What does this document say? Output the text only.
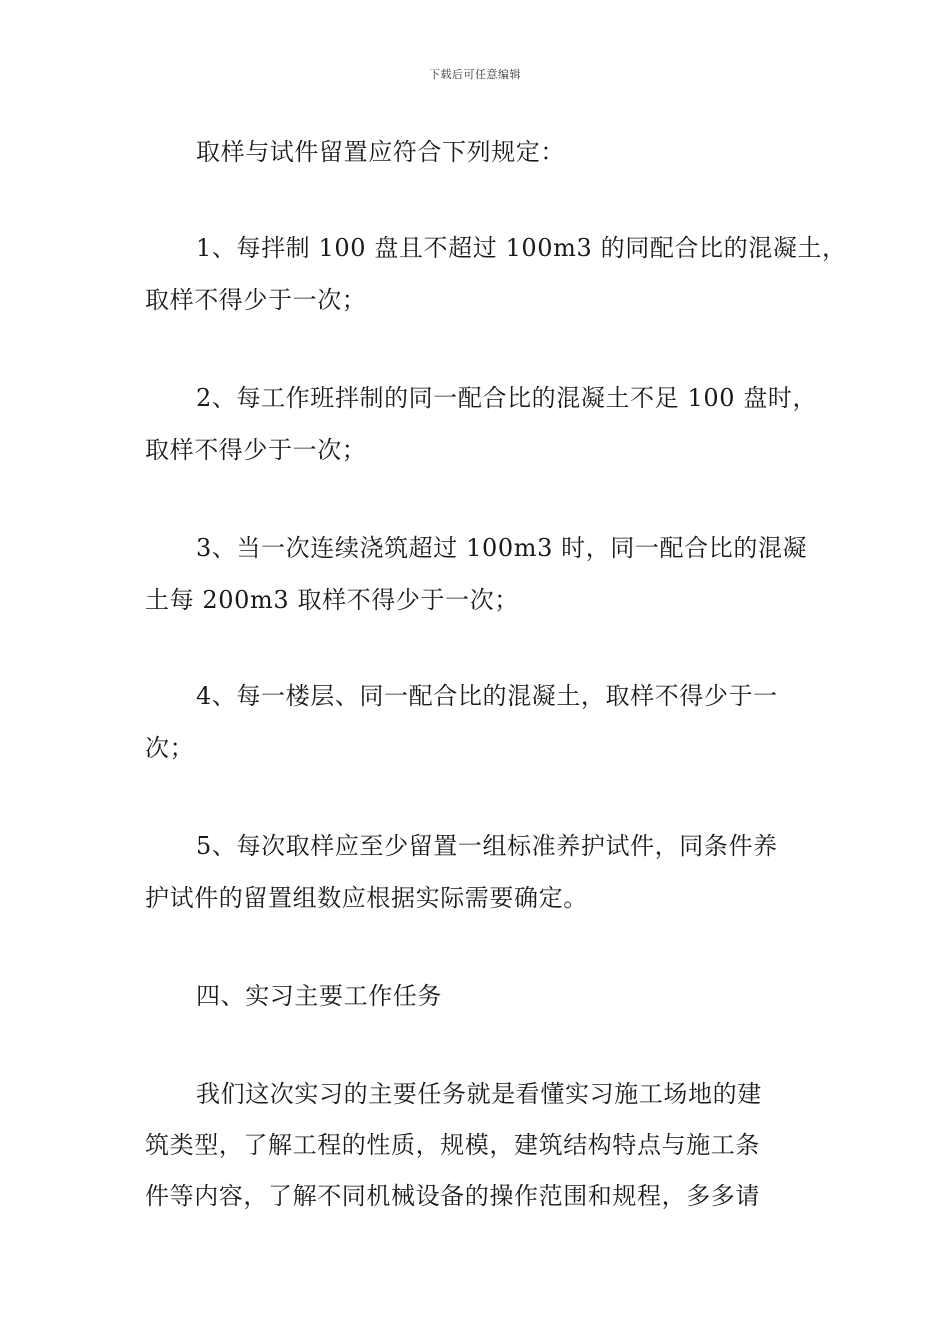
下载后可任意编辑
取样与试件留置应符合下列规定：
1、每拌制 100 盘且不超过 100m3 的同配合比的混凝土，
取样不得少于一次；
2、每工作班拌制的同一配合比的混凝土不足 100 盘时，
取样不得少于一次；
3、当一次连续浇筑超过 100m3 时，同一配合比的混凝
土每 200m3 取样不得少于一次；
4、每一楼层、同一配合比的混凝土，取样不得少于一
次；
5、每次取样应至少留置一组标准养护试件，同条件养
护试件的留置组数应根据实际需要确定。
四、实习主要工作任务
我们这次实习的主要任务就是看懂实习施工场地的建
筑类型，了解工程的性质，规模，建筑结构特点与施工条
件等内容，了解不同机械设备的操作范围和规程，多多请
